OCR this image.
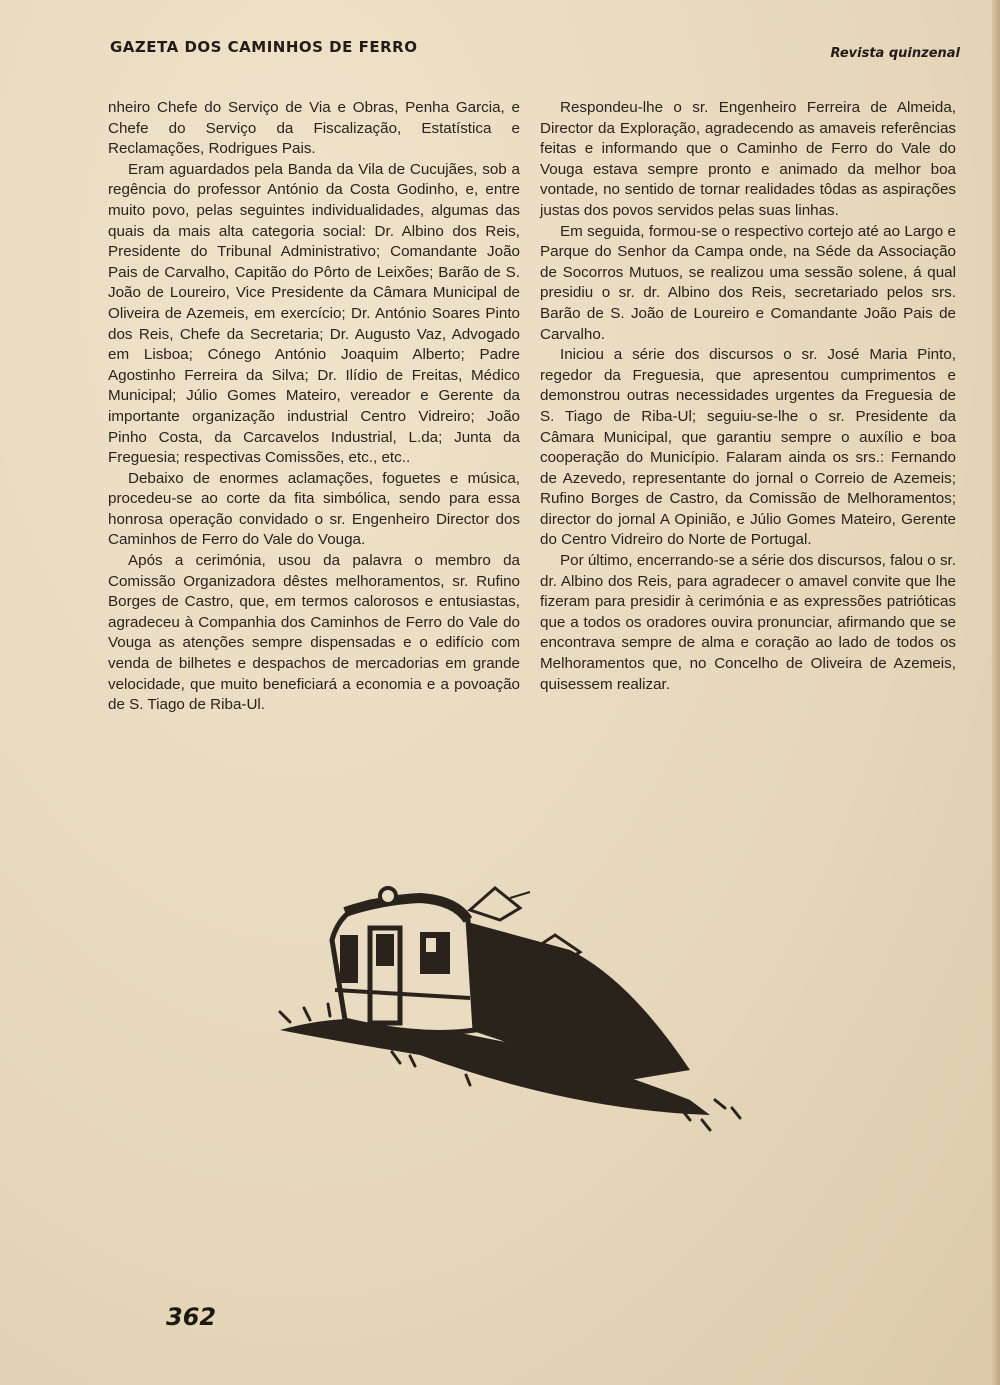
GAZETA DOS CAMINHOS DE FERRO	Revista quinzenal

nheiro Chefe do Serviço de Via e Obras, Penha Garcia, e Chefe do Serviço da Fiscalização, Estatística e Reclamações, Rodrigues Pais.

Eram aguardados pela Banda da Vila de Cucujães, sob a regência do professor António da Costa Godinho, e, entre muito povo, pelas seguintes individualidades, algumas das quais da mais alta categoria social: Dr. Albino dos Reis, Presidente do Tribunal Administrativo; Comandante João Pais de Carvalho, Capitão do Pôrto de Leixões; Barão de S. João de Loureiro, Vice Presidente da Câmara Municipal de Oliveira de Azemeis, em exercício; Dr. António Soares Pinto dos Reis, Chefe da Secretaria; Dr. Augusto Vaz, Advogado em Lisboa; Cónego António Joaquim Alberto; Padre Agostinho Ferreira da Silva; Dr. Ilídio de Freitas, Médico Municipal; Júlio Gomes Mateiro, vereador e Gerente da importante organização industrial Centro Vidreiro; João Pinho Costa, da Carcavelos Industrial, L.da; Junta da Freguesia; respectivas Comissões, etc., etc..

Debaixo de enormes aclamações, foguetes e música, procedeu-se ao corte da fita simbólica, sendo para essa honrosa operação convidado o sr. Engenheiro Director dos Caminhos de Ferro do Vale do Vouga.

Após a cerimónia, usou da palavra o membro da Comissão Organizadora dêstes melhoramentos, sr. Rufino Borges de Castro, que, em termos calorosos e entusiastas, agradeceu à Companhia dos Caminhos de Ferro do Vale do Vouga as atenções sempre dispensadas e o edifício com venda de bilhetes e despachos de mercadorias em grande velocidade, que muito beneficiará a economia e a povoação de S. Tiago de Riba-Ul.

Respondeu-lhe o sr. Engenheiro Ferreira de Almeida, Director da Exploração, agradecendo as amaveis referências feitas e informando que o Caminho de Ferro do Vale do Vouga estava sempre pronto e animado da melhor boa vontade, no sentido de tornar realidades tôdas as aspirações justas dos povos servidos pelas suas linhas.

Em seguida, formou-se o respectivo cortejo até ao Largo e Parque do Senhor da Campa onde, na Séde da Associação de Socorros Mutuos, se realizou uma sessão solene, á qual presidiu o sr. dr. Albino dos Reis, secretariado pelos srs. Barão de S. João de Loureiro e Comandante João Pais de Carvalho.

Iniciou a série dos discursos o sr. José Maria Pinto, regedor da Freguesia, que apresentou cumprimentos e demonstrou outras necessidades urgentes da Freguesia de S. Tiago de Riba-Ul; seguiu-se-lhe o sr. Presidente da Câmara Municipal, que garantiu sempre o auxílio e boa cooperação do Município. Falaram ainda os srs.: Fernando de Azevedo, representante do jornal o Correio de Azemeis; Rufino Borges de Castro, da Comissão de Melhoramentos; director do jornal A Opinião, e Júlio Gomes Mateiro, Gerente do Centro Vidreiro do Norte de Portugal.

Por último, encerrando-se a série dos discursos, falou o sr. dr. Albino dos Reis, para agradecer o amavel convite que lhe fizeram para presidir à cerimónia e as expressões patrióticas que a todos os oradores ouvira pronunciar, afirmando que se encontrava sempre de alma e coração ao lado de todos os Melhoramentos que, no Concelho de Oliveira de Azemeis, quisessem realizar.

362
